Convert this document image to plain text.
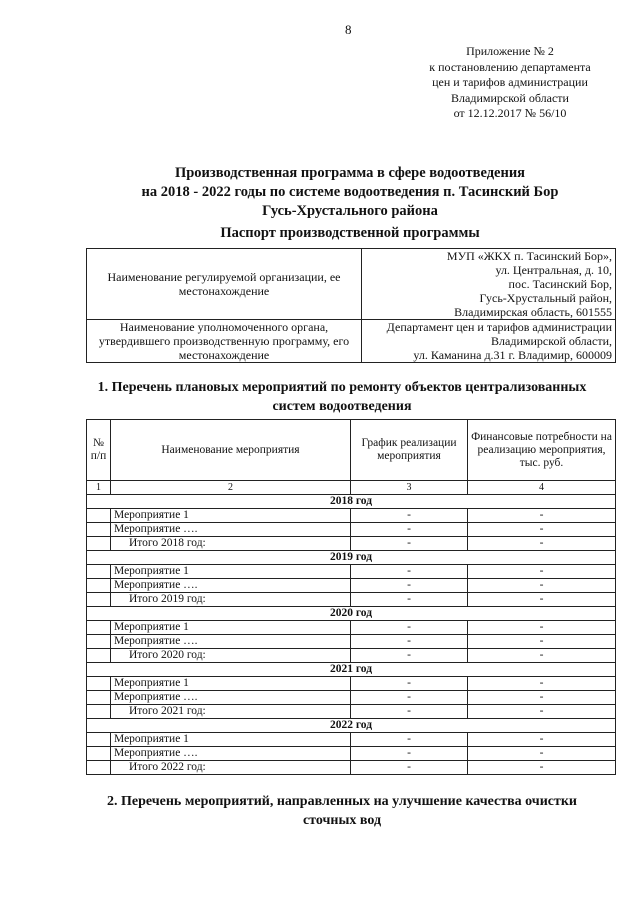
8
Приложение № 2
к постановлению департамента
цен и тарифов администрации
Владимирской области
от 12.12.2017 № 56/10
Производственная программа в сфере водоотведения
на 2018 - 2022 годы по системе водоотведения п. Тасинский Бор
Гусь-Хрустального района
Паспорт производственной программы
Наименование регулируемой организации, ее местонахождение	МУП «ЖКХ п. Тасинский Бор»,
ул. Центральная, д. 10,
пос. Тасинский Бор,
Гусь-Хрустальный район,
Владимирская область, 601555

Наименование уполномоченного органа, утвердившего производственную программу, его местонахождение	Департамент цен и тарифов администрации
Владимирской области,
ул. Каманина д.31 г. Владимир, 600009
1. Перечень плановых мероприятий по ремонту объектов централизованных систем водоотведения
№ п/п	Наименование мероприятия	График реализации мероприятия	Финансовые потребности на реализацию мероприятия, тыс. руб.
1	2	3	4
2018 год			
	Мероприятие 1	-	-
	Мероприятие ….	-	-
	Итого 2018 год:	-	-
2019 год			
	Мероприятие 1	-	-
	Мероприятие ….	-	-
	Итого 2019 год:	-	-
2020 год			
	Мероприятие 1	-	-
	Мероприятие ….	-	-
	Итого 2020 год:	-	-
2021 год			
	Мероприятие 1	-	-
	Мероприятие ….	-	-
	Итого 2021 год:	-	-
2022 год			
	Мероприятие 1	-	-
	Мероприятие ….	-	-
	Итого 2022 год:	-	-
2. Перечень мероприятий, направленных на улучшение качества очистки сточных вод
